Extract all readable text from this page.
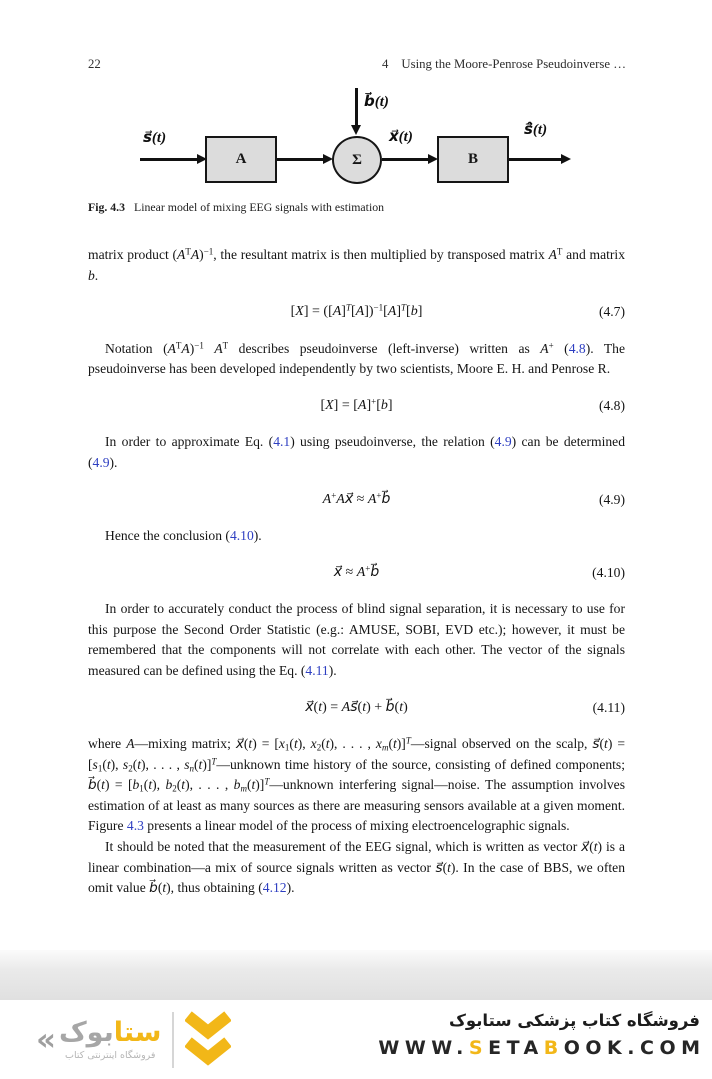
22	4 Using the Moore-Penrose Pseudoinverse …
b⃗(t)
s⃗(t)
A	Σ
x⃗(t)
B
ŝ⃗(t)
Fig. 4.3 Linear model of mixing EEG signals with estimation

matrix product $(A^TA)^{-1}$, the resultant matrix is then multiplied by transposed matrix $A^T$ and matrix b.

$[X] = ([A]^T[A])^{-1}[A]^T[b]$	(4.7)

Notation $(A^TA)^{-1}$ $A^T$ describes pseudoinverse (left-inverse) written as A+ (4.8). The pseudoinverse has been developed independently by two scientists, Moore E. H. and Penrose R.

[X] = [A]+[b]	(4.8)

In order to approximate Eq. (4.1) using pseudoinverse, the relation (4.9) can be determined (4.9).

A+Ax⃗ ≈ A+b⃗	(4.9)

Hence the conclusion (4.10).

x⃗ ≈ A+b⃗	(4.10)

In order to accurately conduct the process of blind signal separation, it is necessary to use for this purpose the Second Order Statistic (e.g.: AMUSE, SOBI, EVD etc.); however, it must be remembered that the components will not correlate with each other. The vector of the signals measured can be defined using the Eq. (4.11).

x⃗(t) = As⃗(t) + b⃗(t)	(4.11)

where A—mixing matrix; x⃗(t) = [x1(t), x2(t), . . . , xm(t)]$^T$—signal observed on the scalp, s⃗(t) = [s1(t), s2(t), . . . , sn(t)]$^T$—unknown time history of the source, consisting of defined components; b⃗(t) = [b1(t), b2(t), . . . , bm(t)]$^T$—unknown interfering signal—noise. The assumption involves estimation of at least as many sources as there are measuring sensors available at a given moment. Figure 4.3 presents a linear model of the process of mixing electroencelographic signals.

It should be noted that the measurement of the EEG signal, which is written as vector x⃗(t) is a linear combination—a mix of source signals written as vector s⃗(t). In the case of BBS, we often omit value b⃗(t), thus obtaining (4.12).

«	ستابوک
فروشگاه اینترنتی کتاب
فروشگاه کتاب پزشکی ستابوک
WWW.SETABOOK.COM
